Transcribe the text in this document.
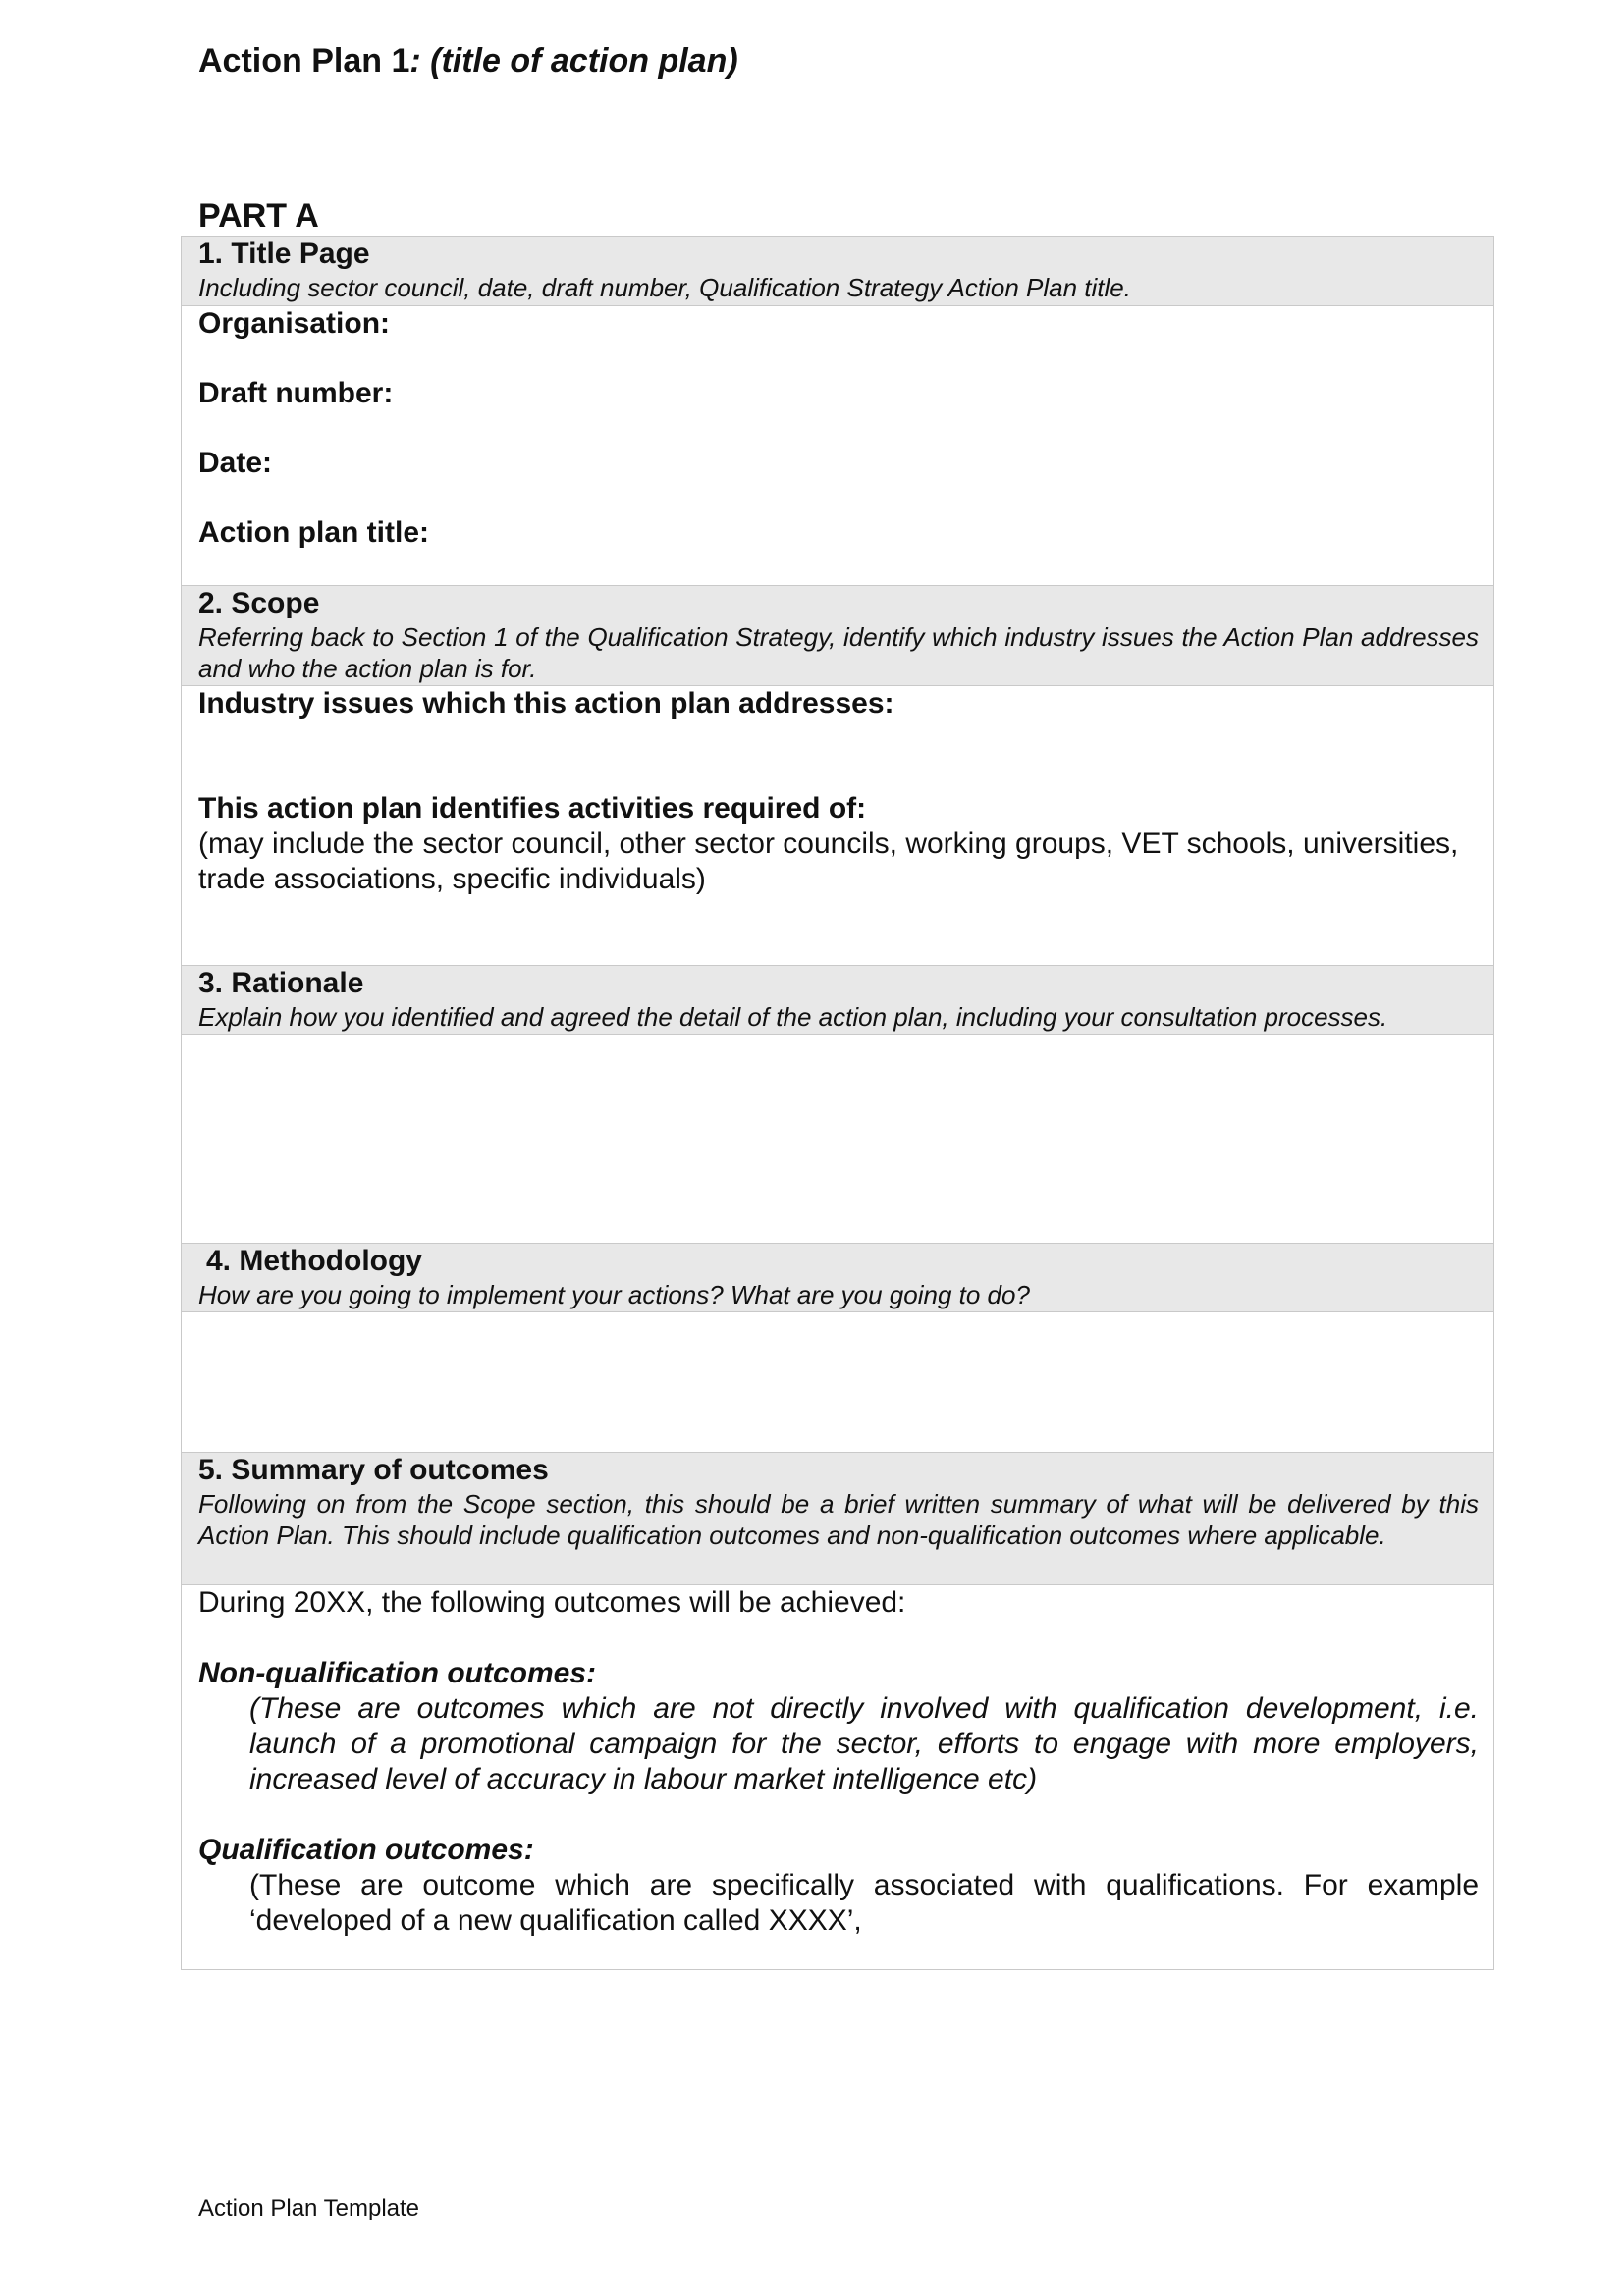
Action Plan 1: (title of action plan)
PART A
1. Title Page
Including sector council, date, draft number, Qualification Strategy Action Plan title.
Organisation:
Draft number:
Date:
Action plan title:
2. Scope
Referring back to Section 1 of the Qualification Strategy, identify which industry issues the Action Plan addresses and who the action plan is for.
Industry issues which this action plan addresses:
This action plan identifies activities required of:
(may include the sector council, other sector councils, working groups, VET schools, universities, trade associations, specific individuals)
3. Rationale
Explain how you identified and agreed the detail of the action plan, including your consultation processes.
4. Methodology
How are you going to implement your actions? What are you going to do?
5. Summary of outcomes
Following on from the Scope section, this should be a brief written summary of what will be delivered by this Action Plan. This should include qualification outcomes and non-qualification outcomes where applicable.
During 20XX, the following outcomes will be achieved:
Non-qualification outcomes:
(These are outcomes which are not directly involved with qualification development, i.e. launch of a promotional campaign for the sector, efforts to engage with more employers, increased level of accuracy in labour market intelligence etc)
Qualification outcomes:
(These are outcome which are specifically associated with qualifications. For example ‘developed of a new qualification called XXXX’,
Action Plan Template
